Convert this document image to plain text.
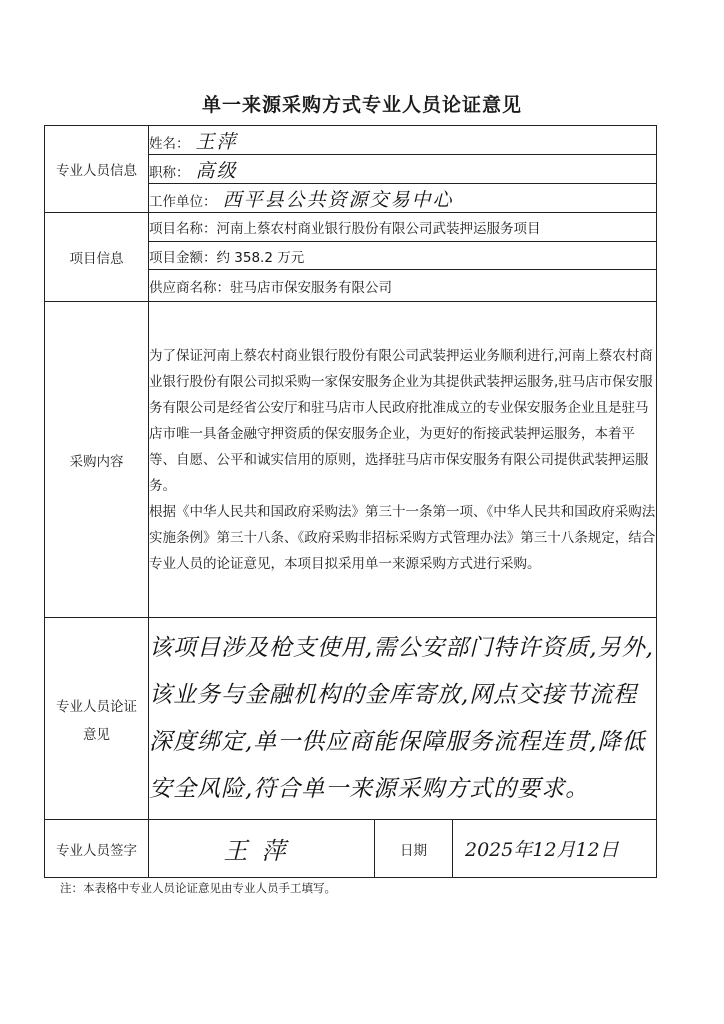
单一来源采购方式专业人员论证意见
专业人员信息	姓名： 王萍		
	职称： 高级		
	工作单位： 西平县公共资源交易中心		
项目信息	项目名称：河南上蔡农村商业银行股份有限公司武装押运服务项目		
	项目金额：约 358.2 万元		
	供应商名称：驻马店市保安服务有限公司		
采购内容	为了保证河南上蔡农村商业银行股份有限公司武装押运业务顺利进行,河南上蔡农村商业银行股份有限公司拟采购一家保安服务企业为其提供武装押运服务,驻马店市保安服务有限公司是经省公安厅和驻马店市人民政府批准成立的专业保安服务企业且是驻马店市唯一具备金融守押资质的保安服务企业，为更好的衔接武装押运服务，本着平等、自愿、公平和诚实信用的原则，选择驻马店市保安服务有限公司提供武装押运服务。

根据《中华人民共和国政府采购法》第三十一条第一项、《中华人民共和国政府采购法实施条例》第三十八条、《政府采购非招标采购方式管理办法》第三十八条规定，结合专业人员的论证意见，本项目拟采用单一来源采购方式进行采购。		

专业人员论证
意见	该项目涉及枪支使用,需公安部门特许资质,另外,该业务与金融机构的金库寄放,网点交接节流程深度绑定,单一供应商能保障服务流程连贯,降低安全风险,符合单一来源采购方式的要求。		

专业人员签字	王萍	日期	2025年12月12日
注：本表格中专业人员论证意见由专业人员手工填写。
